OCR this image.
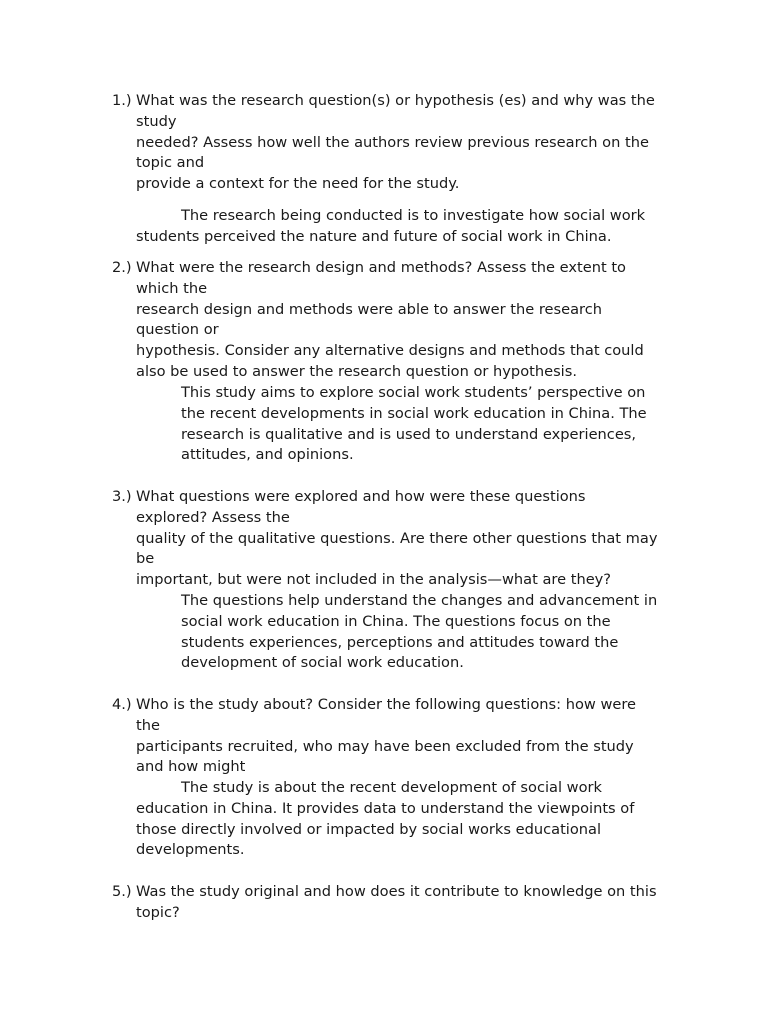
1.) What was the research question(s) or hypothesis (es) and why was the
study
needed? Assess how well the authors review previous research on the
topic and
provide a context for the need for the study.
The research being conducted is to investigate how social work
students perceived the nature and future of social work in China.
2.) What were the research design and methods? Assess the extent to
which the
research design and methods were able to answer the research
question or
hypothesis. Consider any alternative designs and methods that could
also be used to answer the research question or hypothesis.
This study aims to explore social work students’ perspective on
the recent developments in social work education in China. The
research is qualitative and is used to understand experiences,
attitudes, and opinions.
3.) What questions were explored and how were these questions
explored? Assess the
quality of the qualitative questions. Are there other questions that may
be
important, but were not included in the analysis—what are they?
The questions help understand the changes and advancement in
social work education in China. The questions focus on the
students experiences, perceptions and attitudes toward the
development of social work education.
4.) Who is the study about? Consider the following questions: how were
the
participants recruited, who may have been excluded from the study
and how might
The study is about the recent development of social work
education in China. It provides data to understand the viewpoints of
those directly involved or impacted by social works educational
developments.
5.) Was the study original and how does it contribute to knowledge on this
topic?
